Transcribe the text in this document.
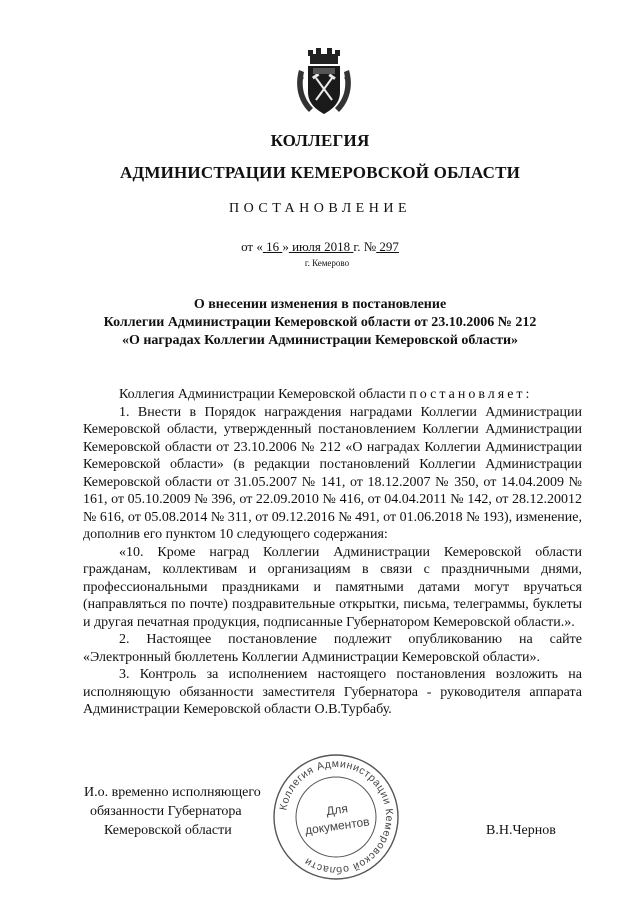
КОЛЛЕГИЯ
АДМИНИСТРАЦИИ КЕМЕРОВСКОЙ ОБЛАСТИ
ПОСТАНОВЛЕНИЕ
от « 16 » июля 2018 г. № 297
г. Кемерово
О внесении изменения в постановление
Коллегии Администрации Кемеровской области от 23.10.2006 № 212
«О наградах Коллегии Администрации Кемеровской области»

Коллегия Администрации Кемеровской области постановляет:

1. Внести в Порядок награждения наградами Коллегии Администрации Кемеровской области, утвержденный постановлением Коллегии Администрации Кемеровской области от 23.10.2006 № 212 «О наградах Коллегии Администрации Кемеровской области» (в редакции постановлений Коллегии Администрации Кемеровской области от 31.05.2007 № 141, от 18.12.2007 № 350, от 14.04.2009 № 161, от 05.10.2009 № 396, от 22.09.2010 № 416, от 04.04.2011 № 142, от 28.12.20012 № 616, от 05.08.2014 № 311, от 09.12.2016 № 491, от 01.06.2018 № 193), изменение, дополнив его пунктом 10 следующего содержания:

«10. Кроме наград Коллегии Администрации Кемеровской области гражданам, коллективам и организациям в связи с праздничными днями, профессиональными праздниками и памятными датами могут вручаться (направляться по почте) поздравительные открытки, письма, телеграммы, буклеты и другая печатная продукция, подписанные Губернатором Кемеровской области.».

2. Настоящее постановление подлежит опубликованию на сайте «Электронный бюллетень Коллегии Администрации Кемеровской области».

3. Контроль за исполнением настоящего постановления возложить на исполняющую обязанности заместителя Губернатора - руководителя аппарата Администрации Кемеровской области О.В.Турбабу.

И.о. временно исполняющего
обязанности Губернатора
Кемеровской области	В.Н.Чернов
Коллегия Администрации Кемеровской области
Для
документов
